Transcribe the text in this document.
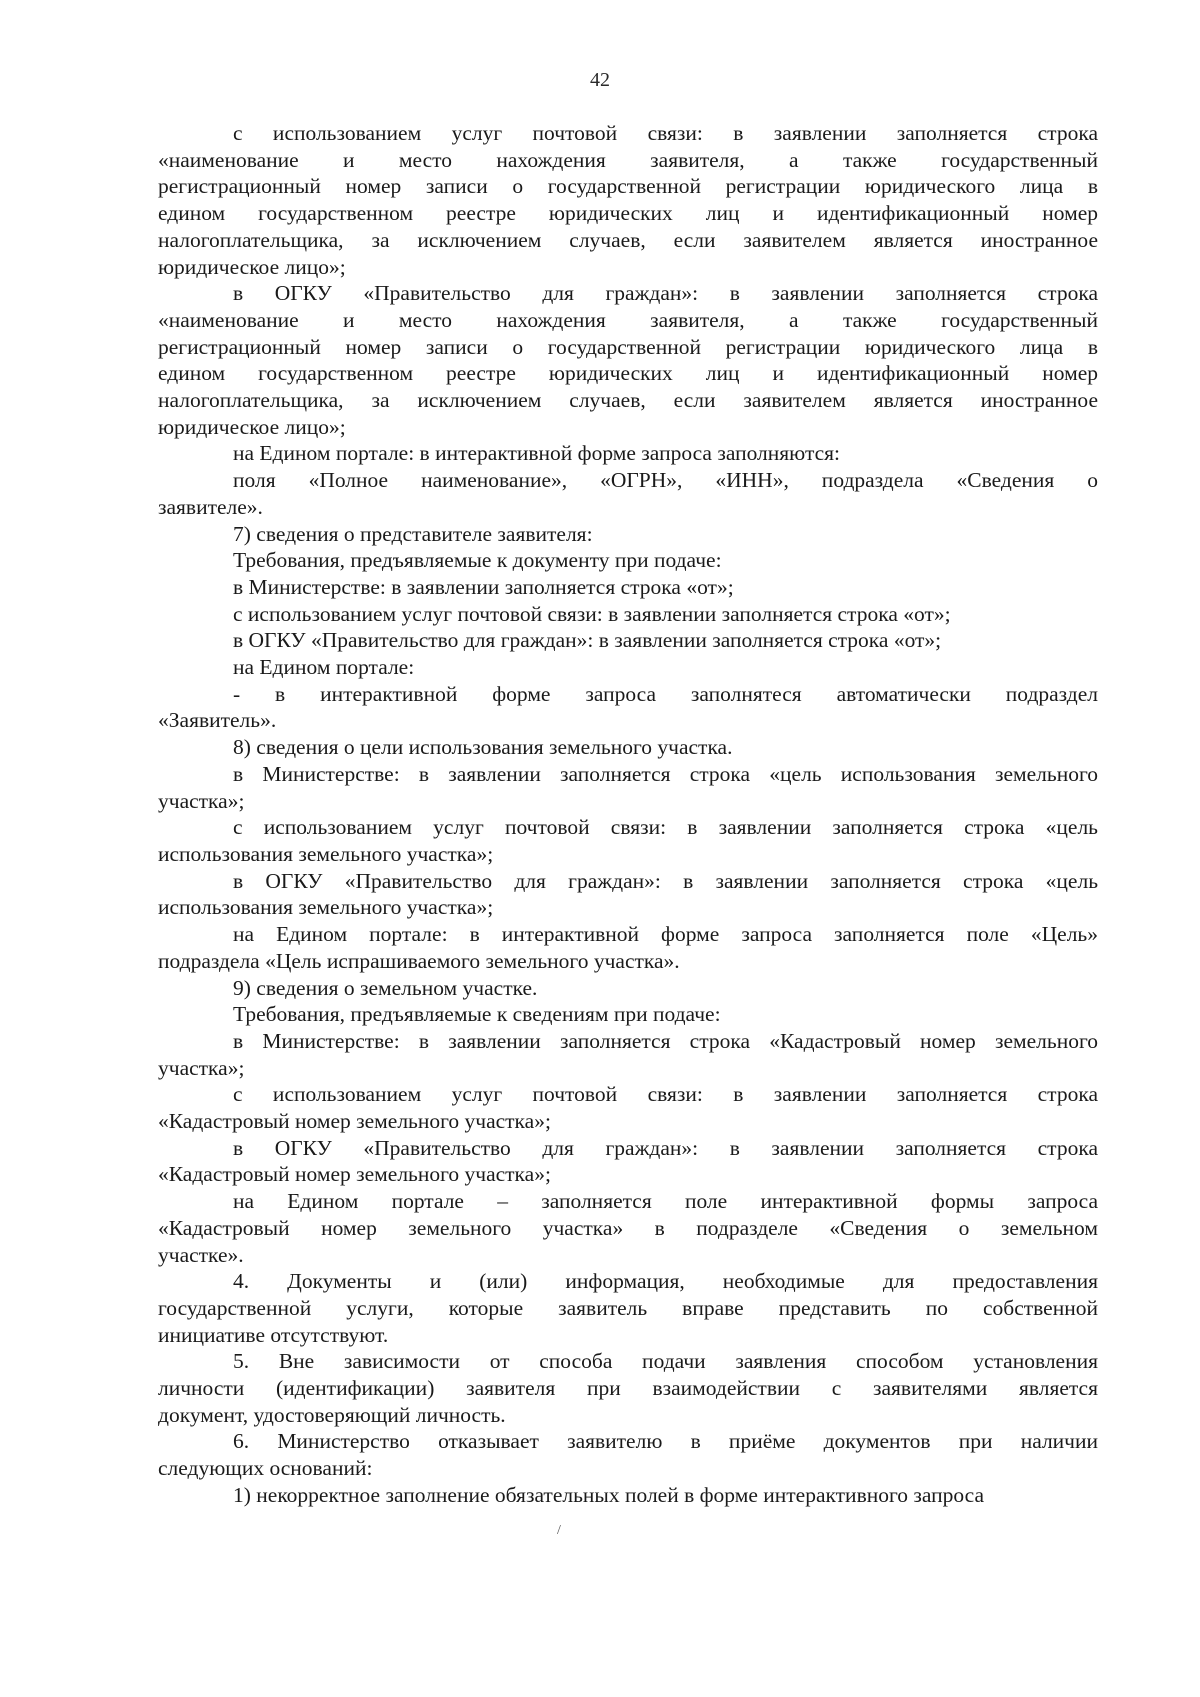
42
с использованием услуг почтовой связи: в заявлении заполняется строка
«наименование и место нахождения заявителя, а также государственный
регистрационный номер записи о государственной регистрации юридического лица в
едином государственном реестре юридических лиц и идентификационный номер
налогоплательщика, за исключением случаев, если заявителем является иностранное
юридическое лицо»;
в ОГКУ «Правительство для граждан»: в заявлении заполняется строка
«наименование и место нахождения заявителя, а также государственный
регистрационный номер записи о государственной регистрации юридического лица в
едином государственном реестре юридических лиц и идентификационный номер
налогоплательщика, за исключением случаев, если заявителем является иностранное
юридическое лицо»;
на Едином портале: в интерактивной форме запроса заполняются:
поля «Полное наименование», «ОГРН», «ИНН», подраздела «Сведения о
заявителе».
7) сведения о представителе заявителя:
Требования, предъявляемые к документу при подаче:
в Министерстве: в заявлении заполняется строка «от»;
с использованием услуг почтовой связи: в заявлении заполняется строка «от»;
в ОГКУ «Правительство для граждан»: в заявлении заполняется строка «от»;
на Едином портале:
- в интерактивной форме запроса заполнятеся автоматически подраздел
«Заявитель».
8) сведения о цели использования земельного участка.
в Министерстве: в заявлении заполняется строка «цель использования земельного
участка»;
с использованием услуг почтовой связи: в заявлении заполняется строка «цель
использования земельного участка»;
в ОГКУ «Правительство для граждан»: в заявлении заполняется строка «цель
использования земельного участка»;
на Едином портале: в интерактивной форме запроса заполняется поле «Цель»
подраздела «Цель испрашиваемого земельного участка».
9) сведения о земельном участке.
Требования, предъявляемые к сведениям при подаче:
в Министерстве: в заявлении заполняется строка «Кадастровый номер земельного
участка»;
с использованием услуг почтовой связи: в заявлении заполняется строка
«Кадастровый номер земельного участка»;
в ОГКУ «Правительство для граждан»: в заявлении заполняется строка
«Кадастровый номер земельного участка»;
на Едином портале – заполняется поле интерактивной формы запроса
«Кадастровый номер земельного участка» в подразделе «Сведения о земельном
участке».
4. Документы и (или) информация, необходимые для предоставления
государственной услуги, которые заявитель вправе представить по собственной
инициативе отсутствуют.
5. Вне зависимости от способа подачи заявления способом установления
личности (идентификации) заявителя при взаимодействии с заявителями является
документ, удостоверяющий личность.
6. Министерство отказывает заявителю в приёме документов при наличии
следующих оснований:
1) некорректное заполнение обязательных полей в форме интерактивного запроса
/
